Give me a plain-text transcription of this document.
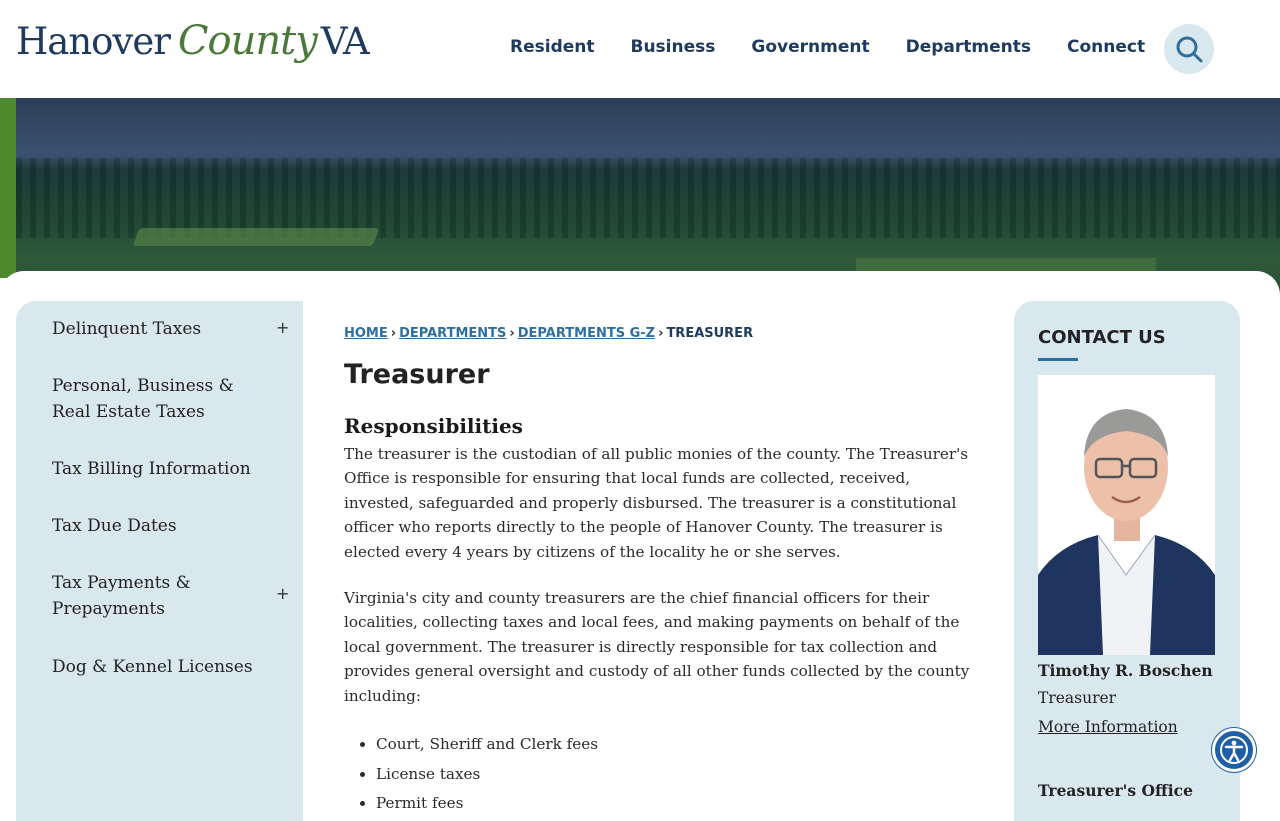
Hanover County VA	Resident Business Government Departments Connect
Delinquent Taxes	+
Personal, Business & Real Estate Taxes
Tax Billing Information
Tax Due Dates
Tax Payments & Prepayments
+
Dog & Kennel Licenses
HOME › DEPARTMENTS › DEPARTMENTS G-Z › TREASURER
Treasurer
Responsibilities

The treasurer is the custodian of all public monies of the county. The Treasurer's Office is responsible for ensuring that local funds are collected, received, invested, safeguarded and properly disbursed. The treasurer is a constitutional officer who reports directly to the people of Hanover County. The treasurer is elected every 4 years by citizens of the locality he or she serves.

Virginia's city and county treasurers are the chief financial officers for their localities, collecting taxes and local fees, and making payments on behalf of the local government. The treasurer is directly responsible for tax collection and provides general oversight and custody of all other funds collected by the county including:

• Court, Sheriff and Clerk fees
• License taxes
• Permit fees
CONTACT US
Timothy R. Boschen
Treasurer
More Information
Treasurer's Office
